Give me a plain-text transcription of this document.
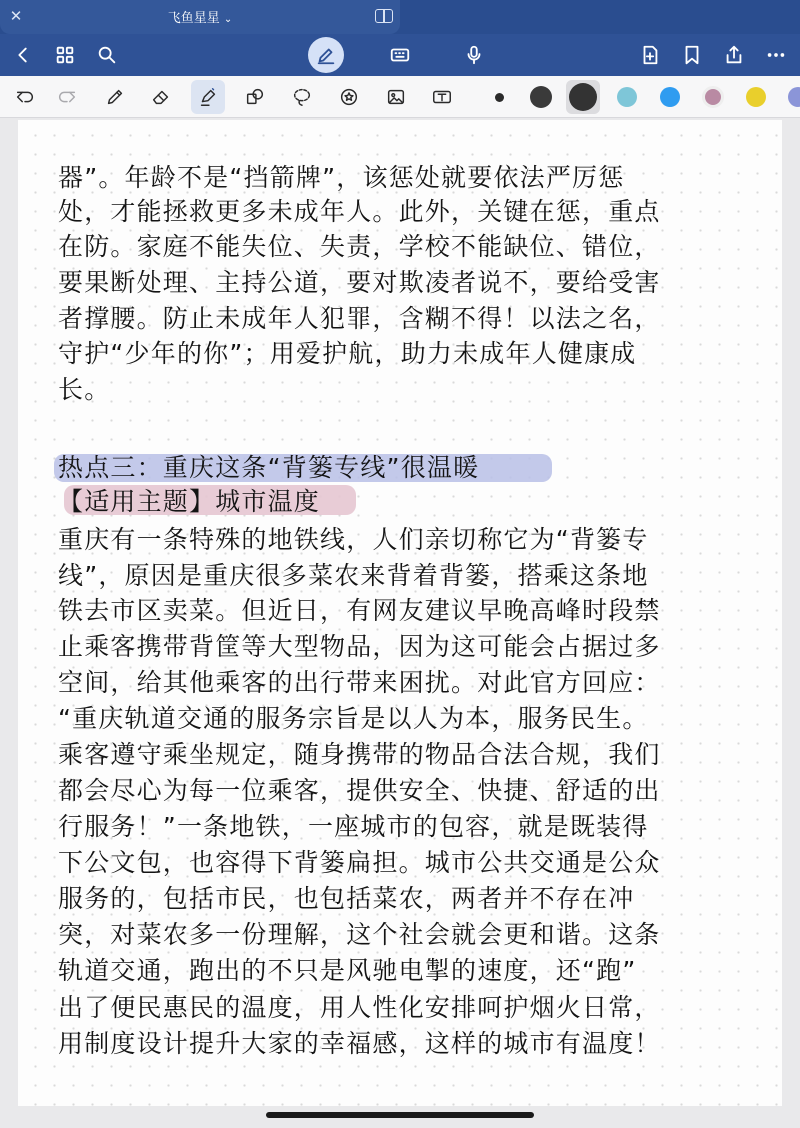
✕	飞鱼星星 ⌄
器”。年龄不是“挡箭牌”，该惩处就要依法严厉惩
处，才能拯救更多未成年人。此外，关键在惩，重点
在防。家庭不能失位、失责，学校不能缺位、错位，
要果断处理、主持公道，要对欺凌者说不，要给受害
者撑腰。防止未成年人犯罪，含糊不得！以法之名，
守护“少年的你”；用爱护航，助力未成年人健康成
长。
热点三：重庆这条“背篓专线”很温暖
【适用主题】城市温度
重庆有一条特殊的地铁线，人们亲切称它为“背篓专
线”，原因是重庆很多菜农来背着背篓，搭乘这条地
铁去市区卖菜。但近日，有网友建议早晚高峰时段禁
止乘客携带背筐等大型物品，因为这可能会占据过多
空间，给其他乘客的出行带来困扰。对此官方回应：
“重庆轨道交通的服务宗旨是以人为本，服务民生。
乘客遵守乘坐规定，随身携带的物品合法合规，我们
都会尽心为每一位乘客，提供安全、快捷、舒适的出
行服务！”一条地铁，一座城市的包容，就是既装得
下公文包，也容得下背篓扁担。城市公共交通是公众
服务的，包括市民，也包括菜农，两者并不存在冲
突，对菜农多一份理解，这个社会就会更和谐。这条
轨道交通，跑出的不只是风驰电掣的速度，还“跑”
出了便民惠民的温度，用人性化安排呵护烟火日常，
用制度设计提升大家的幸福感，这样的城市有温度！
